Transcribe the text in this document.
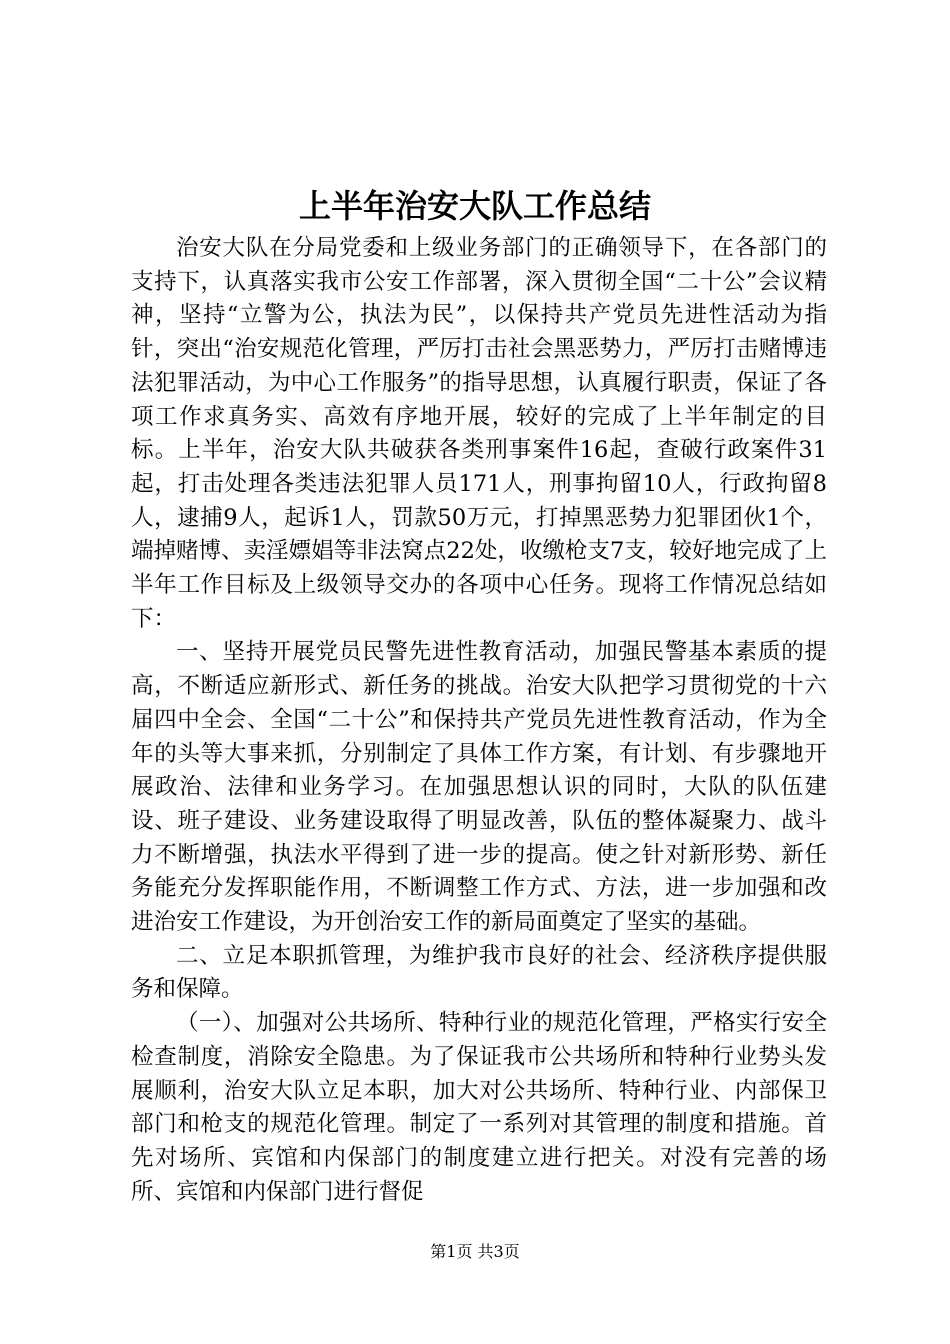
上半年治安大队工作总结

治安大队在分局党委和上级业务部门的正确领导下，在各部门的支持下，认真落实我市公安工作部署，深入贯彻全国“二十公”会议精神，坚持“立警为公，执法为民”，以保持共产党员先进性活动为指针，突出“治安规范化管理，严厉打击社会黑恶势力，严厉打击赌博违法犯罪活动，为中心工作服务”的指导思想，认真履行职责，保证了各项工作求真务实、高效有序地开展，较好的完成了上半年制定的目标。上半年，治安大队共破获各类刑事案件16起，查破行政案件31起，打击处理各类违法犯罪人员171人，刑事拘留10人，行政拘留8人，逮捕9人，起诉1人，罚款50万元，打掉黑恶势力犯罪团伙1个，端掉赌博、卖淫嫖娼等非法窝点22处，收缴枪支7支，较好地完成了上半年工作目标及上级领导交办的各项中心任务。现将工作情况总结如下：

一、坚持开展党员民警先进性教育活动，加强民警基本素质的提高，不断适应新形式、新任务的挑战。治安大队把学习贯彻党的十六届四中全会、全国“二十公”和保持共产党员先进性教育活动，作为全年的头等大事来抓，分别制定了具体工作方案，有计划、有步骤地开展政治、法律和业务学习。在加强思想认识的同时，大队的队伍建设、班子建设、业务建设取得了明显改善，队伍的整体凝聚力、战斗力不断增强，执法水平得到了进一步的提高。使之针对新形势、新任务能充分发挥职能作用，不断调整工作方式、方法，进一步加强和改进治安工作建设，为开创治安工作的新局面奠定了坚实的基础。

二、立足本职抓管理，为维护我市良好的社会、经济秩序提供服务和保障。

（一）、加强对公共场所、特种行业的规范化管理，严格实行安全检查制度，消除安全隐患。为了保证我市公共场所和特种行业势头发展顺利，治安大队立足本职，加大对公共场所、特种行业、内部保卫部门和枪支的规范化管理。制定了一系列对其管理的制度和措施。首先对场所、宾馆和内保部门的制度建立进行把关。对没有完善的场所、宾馆和内保部门进行督促

第1页 共3页
